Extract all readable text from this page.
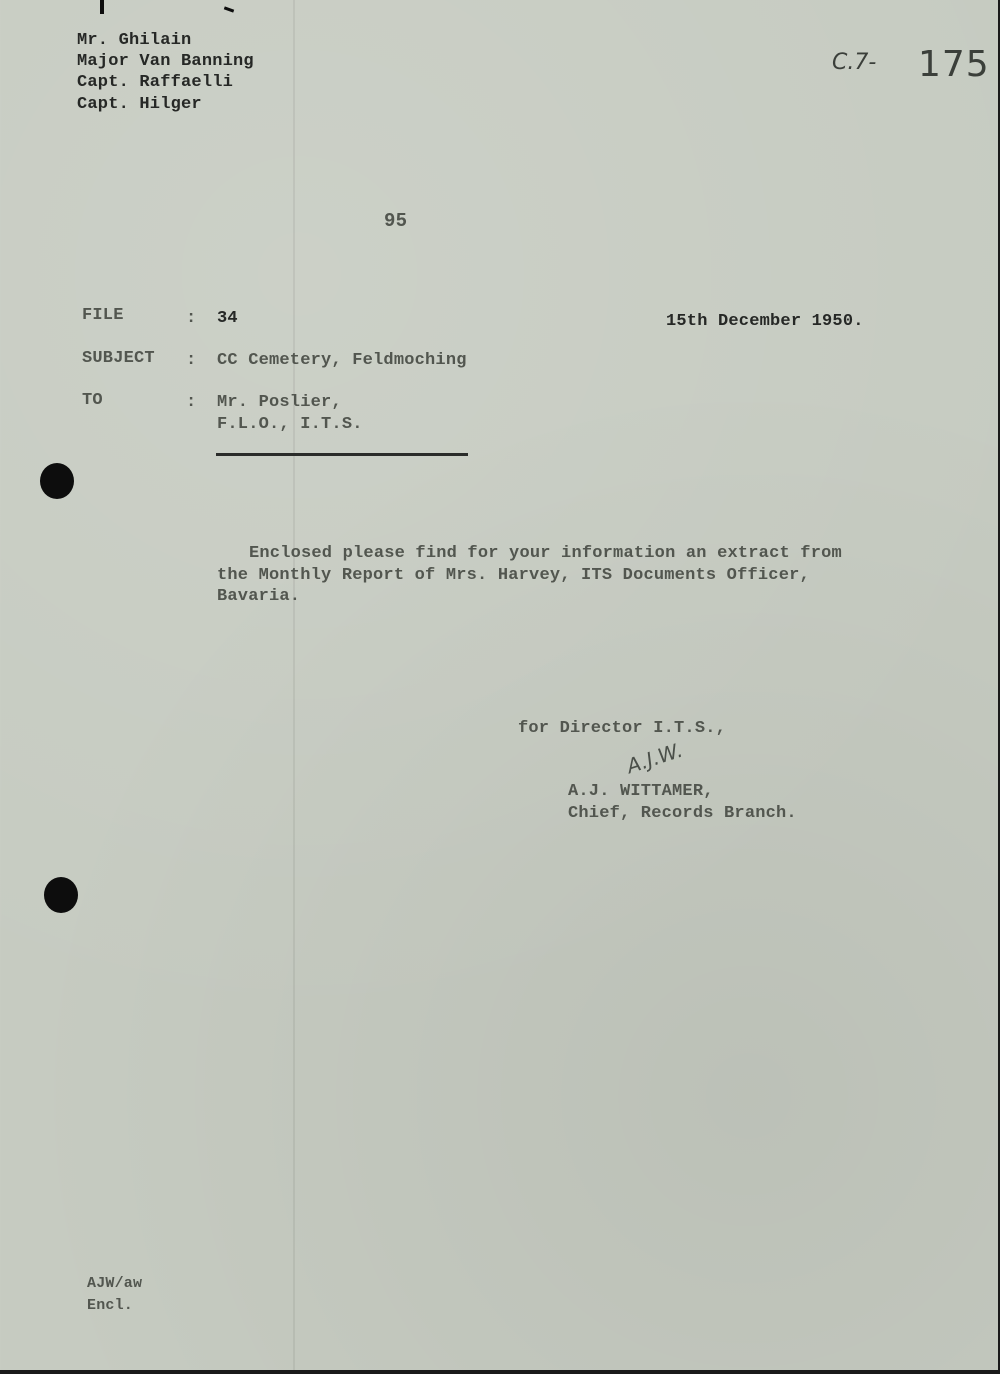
Mr. Ghilain
Major Van Banning
Capt. Raffaelli
Capt. Hilger
C.7- 175
95
FILE	: 34	15th December 1950.
SUBJECT : CC Cemetery, Feldmoching
TO	: Mr. Poslier,
F.L.O., I.T.S.
Enclosed please find for your information an extract from
the Monthly Report of Mrs. Harvey, ITS Documents Officer,
Bavaria.
for Director I.T.S.,
A.J.W.
A.J. WITTAMER,
Chief, Records Branch.
AJW/aw
Encl.
